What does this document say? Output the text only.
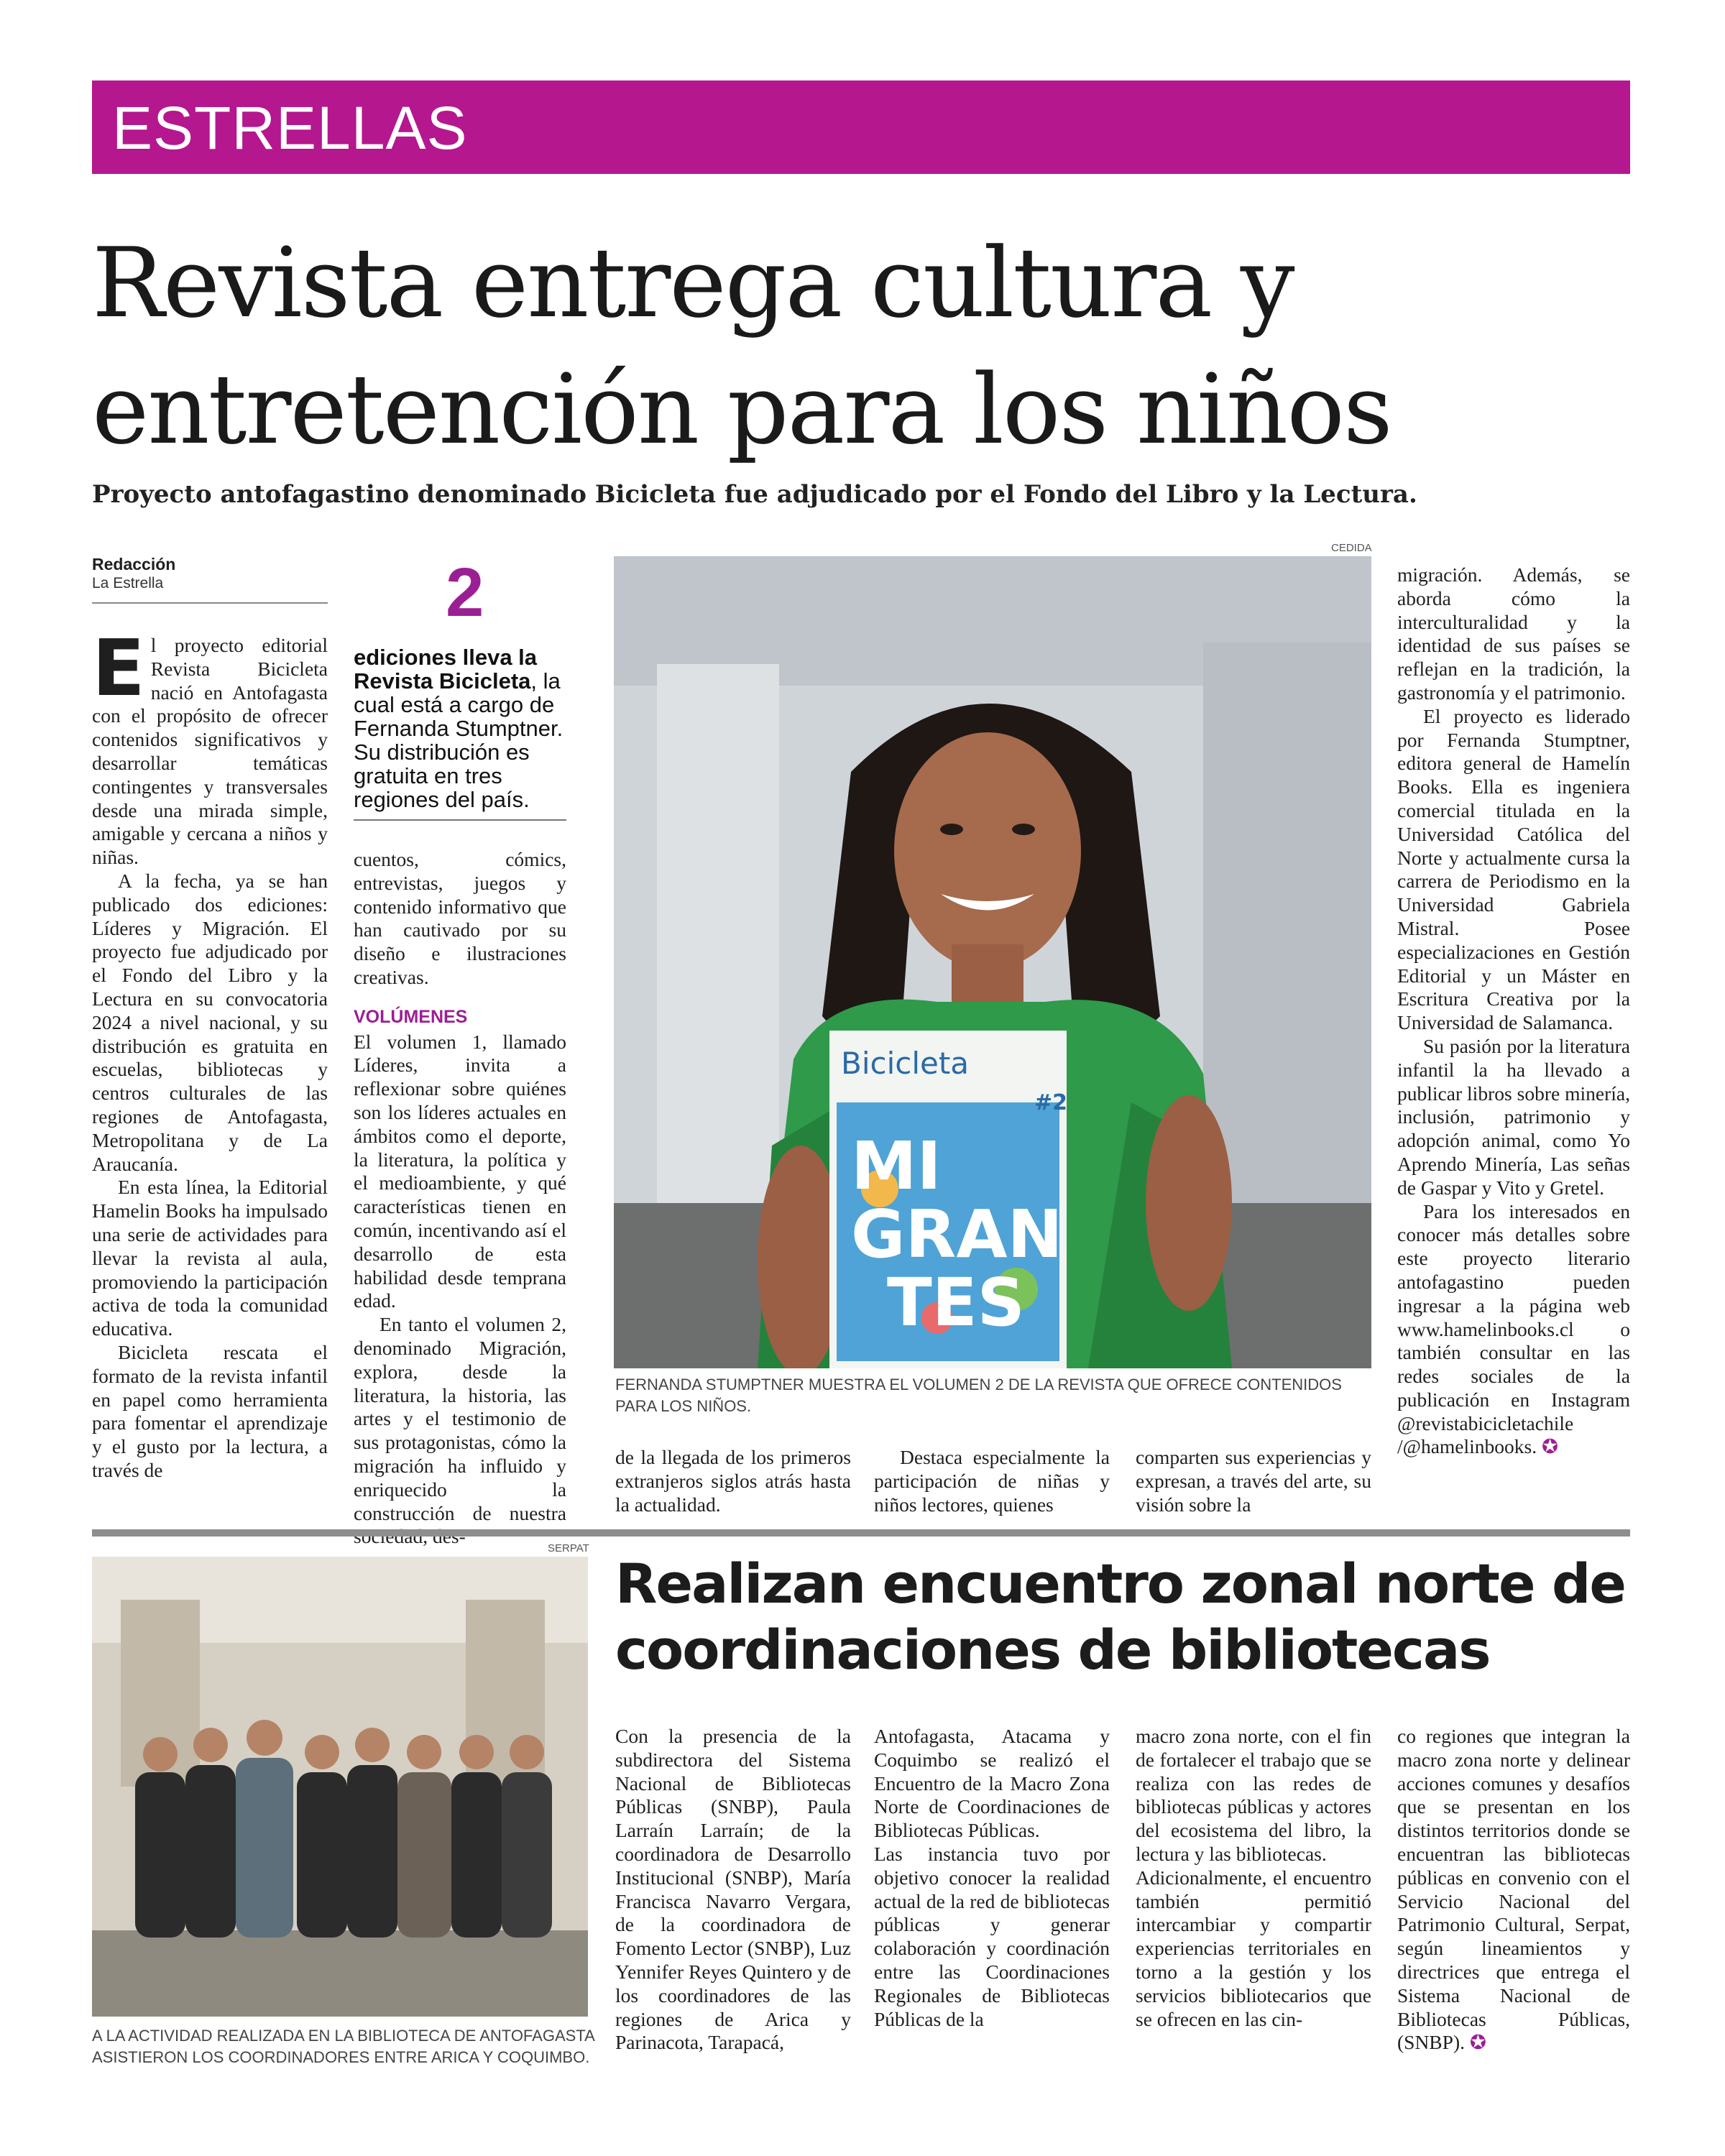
ESTRELLAS
Revista entrega cultura y entretención para los niños
Proyecto antofagastino denominado Bicicleta fue adjudicado por el Fondo del Libro y la Lectura.
Redacción
La Estrella
E l proyecto editorial Revista Bicicleta nació en Antofagasta con el propósito de ofrecer contenidos significativos y desarrollar temáticas contingentes y transversales desde una mirada simple, amigable y cercana a niños y niñas.

A la fecha, ya se han publicado dos ediciones: Líderes y Migración. El proyecto fue adjudicado por el Fondo del Libro y la Lectura en su convocatoria 2024 a nivel nacional, y su distribución es gratuita en escuelas, bibliotecas y centros culturales de las regiones de Antofagasta, Metropolitana y de La Araucanía.

En esta línea, la Editorial Hamelin Books ha impulsado una serie de actividades para llevar la revista al aula, promoviendo la participación activa de toda la comunidad educativa.

Bicicleta rescata el formato de la revista infantil en papel como herramienta para fomentar el aprendizaje y el gusto por la lectura, a través de

2
ediciones lleva la Revista Bicicleta, la cual está a cargo de Fernanda Stumptner. Su distribución es gratuita en tres regiones del país.

cuentos, cómics, entrevistas, juegos y contenido informativo que han cautivado por su diseño e ilustraciones creativas.

VOLÚMENES

El volumen 1, llamado Líderes, invita a reflexionar sobre quiénes son los líderes actuales en ámbitos como el deporte, la literatura, la política y el medioambiente, y qué características tienen en común, incentivando así el desarrollo de esta habilidad desde temprana edad.

En tanto el volumen 2, denominado Migración, explora, desde la literatura, la historia, las artes y el testimonio de sus protagonistas, cómo la migración ha influido y enriquecido la construcción de nuestra

CEDIDA
Bicicleta
#2
MI
GRAN
TES
FERNANDA STUMPTNER MUESTRA EL VOLUMEN 2 DE LA REVISTA QUE OFRECE CONTENIDOS PARA LOS NIÑOS.

de la llegada de los primeros extranjeros siglos atrás hasta la actualidad.

Destaca especialmente la participación de niñas y niños lectores, quienes

comparten sus experiencias y expresan, a través del arte, su visión sobre la

migración. Además, se aborda cómo la interculturalidad y la identidad de sus países se reflejan en la tradición, la gastronomía y el patrimonio.

El proyecto es liderado por Fernanda Stumptner, editora general de Hamelín Books. Ella es ingeniera comercial titulada en la Universidad Católica del Norte y actualmente cursa la carrera de Periodismo en la Universidad Gabriela Mistral. Posee especializaciones en Gestión Editorial y un Máster en Escritura Creativa por la Universidad de Salamanca.

Su pasión por la literatura infantil la ha llevado a publicar libros sobre minería, inclusión, patrimonio y adopción animal, como Yo Aprendo Minería, Las señas de Gaspar y Vito y Gretel.

Para los interesados en conocer más detalles sobre este proyecto literario antofagastino pueden ingresar a la página web www.hamelinbooks.cl o también consultar en las redes sociales de la publicación en Instagram @revistabicicletachile /@hamelinbooks. ✪

SERPAT
A LA ACTIVIDAD REALIZADA EN LA BIBLIOTECA DE ANTOFAGASTA ASISTIERON LOS COORDINADORES ENTRE ARICA Y COQUIMBO.
Realizan encuentro zonal norte de coordinaciones de bibliotecas

Con la presencia de la subdirectora del Sistema Nacional de Bibliotecas Públicas (SNBP), Paula Larraín Larraín; de la coordinadora de Desarrollo Institucional (SNBP), María Francisca Navarro Vergara, de la coordinadora de Fomento Lector (SNBP), Luz Yennifer Reyes Quintero y de los coordinadores de las regiones de Arica y Parinacota, Tarapacá,

Antofagasta, Atacama y Coquimbo se realizó el Encuentro de la Macro Zona Norte de Coordinaciones de Bibliotecas Públicas.

Las instancia tuvo por objetivo conocer la realidad actual de la red de bibliotecas públicas y generar colaboración y coordinación entre las Coordinaciones Regionales de Bibliotecas Públicas de la

macro zona norte, con el fin de fortalecer el trabajo que se realiza con las redes de bibliotecas públicas y actores del ecosistema del libro, la lectura y las bibliotecas.

Adicionalmente, el encuentro también permitió intercambiar y compartir experiencias territoriales en torno a la gestión y los servicios bibliotecarios que se ofrecen en las cin-

co regiones que integran la macro zona norte y delinear acciones comunes y desafíos que se presentan en los distintos territorios donde se encuentran las bibliotecas públicas en convenio con el Servicio Nacional del Patrimonio Cultural, Serpat, según lineamientos y directrices que entrega el Sistema Nacional de Bibliotecas Públicas, (SNBP). ✪
